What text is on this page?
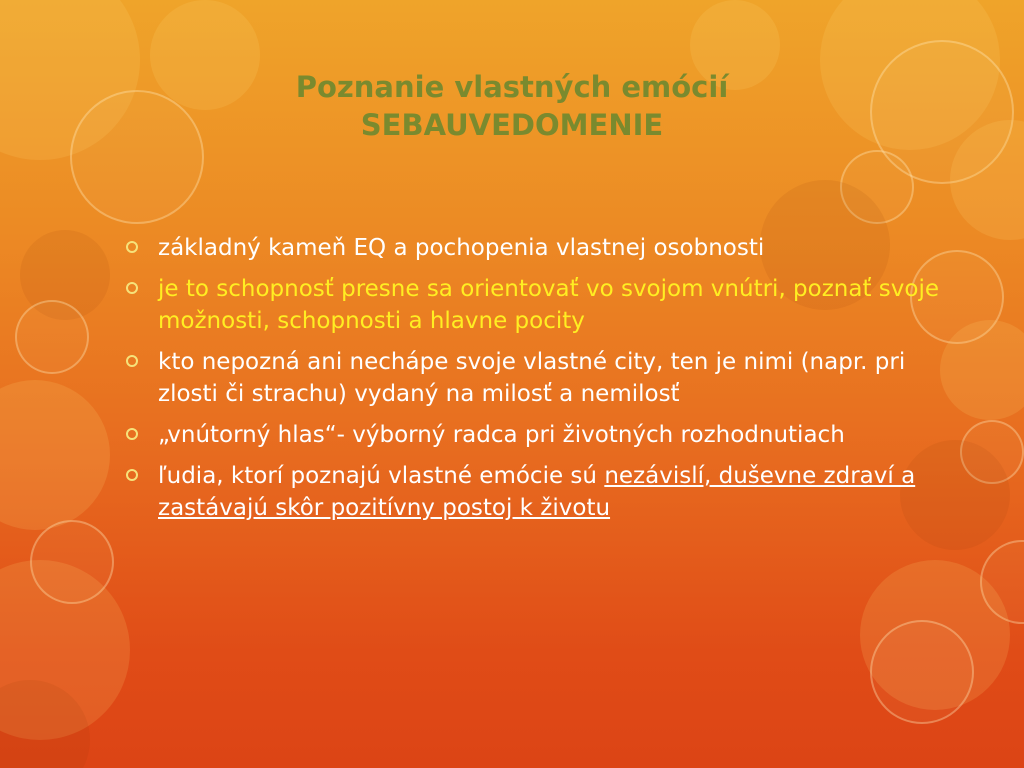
Poznanie vlastných emócií
SEBAUVEDOMENIE
základný kameň EQ a pochopenia vlastnej osobnosti
je to schopnosť presne sa orientovať vo svojom vnútri, poznať svoje možnosti, schopnosti a hlavne pocity
kto nepozná ani nechápe svoje vlastné city, ten je nimi (napr. pri zlosti či strachu) vydaný na milosť a nemilosť
„vnútorný hlas“- výborný radca pri životných rozhodnutiach
ľudia, ktorí poznajú vlastné emócie sú nezávislí, duševne zdraví a zastávajú skôr pozitívny postoj k životu
